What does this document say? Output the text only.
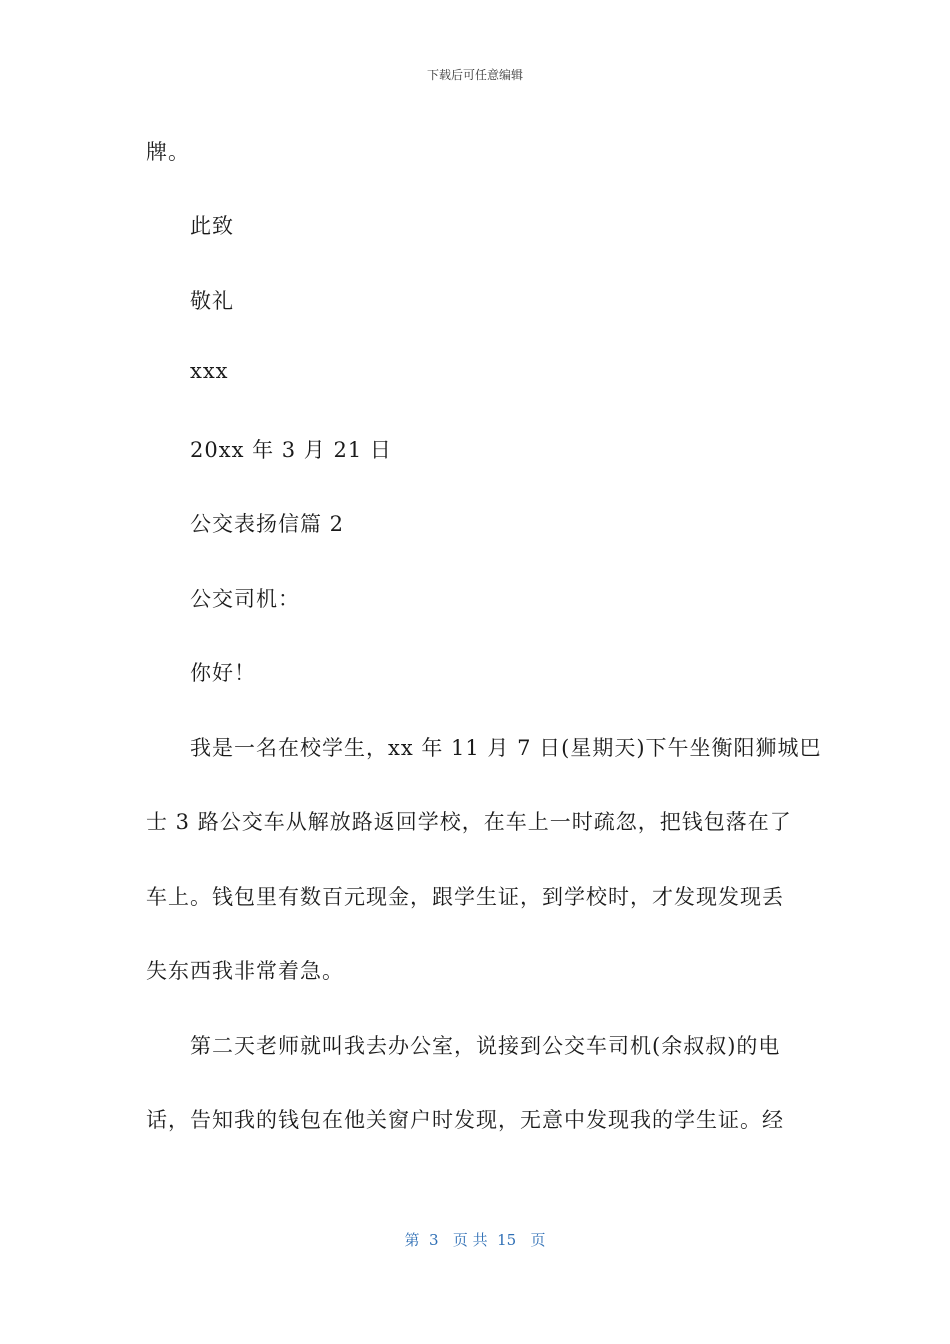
下载后可任意编辑
牌。
此致
敬礼
xxx
20xx 年 3 月 21 日
公交表扬信篇 2
公交司机：
你好！
我是一名在校学生，xx 年 11 月 7 日(星期天)下午坐衡阳狮城巴
士 3 路公交车从解放路返回学校，在车上一时疏忽，把钱包落在了
车上。钱包里有数百元现金，跟学生证，到学校时，才发现发现丢
失东西我非常着急。
第二天老师就叫我去办公室，说接到公交车司机(余叔叔)的电
话，告知我的钱包在他关窗户时发现，无意中发现我的学生证。经
第  3   页 共  15   页
